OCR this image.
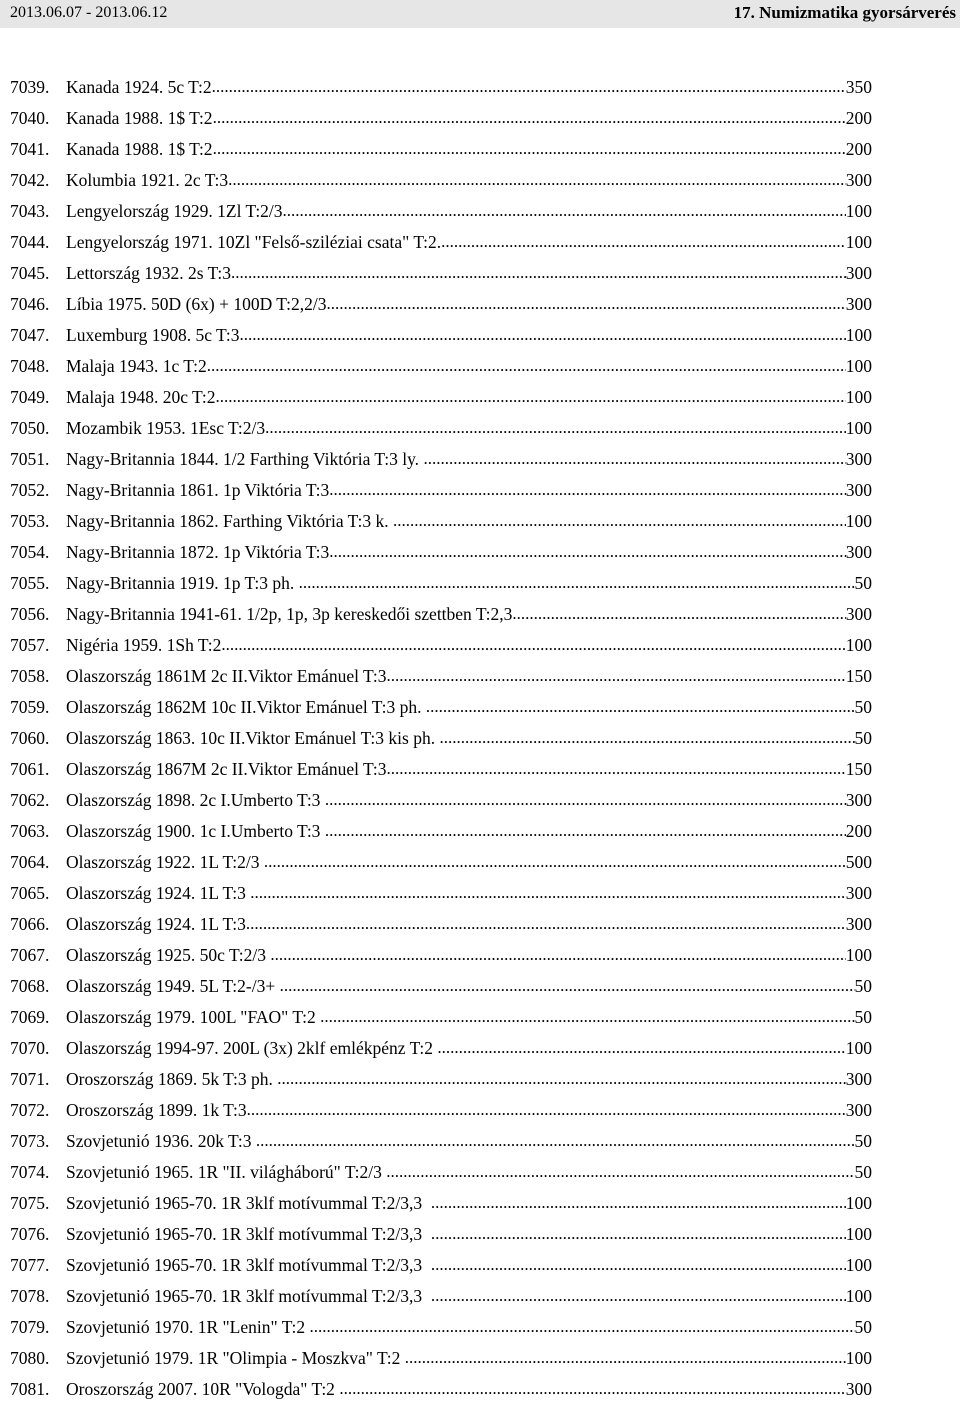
2013.06.07 - 2013.06.12	17. Numizmatika gyorsárverés
7039. Kanada 1924. 5c T:2 .....	350
7040. Kanada 1988. 1$ T:2 .....	200
7041. Kanada 1988. 1$ T:2 .....	200
7042. Kolumbia 1921. 2c T:3 .....	300
7043. Lengyelország 1929. 1Zl T:2/3 .....	100
7044. Lengyelország 1971. 10Zl "Felső-sziléziai csata" T:2. .....	100
7045. Lettország 1932. 2s T:3 .....	300
7046. Líbia 1975. 50D (6x) + 100D T:2,2/3 .....	300
7047. Luxemburg 1908. 5c T:3 .....	100
7048. Malaja 1943. 1c T:2 .....	100
7049. Malaja 1948. 20c T:2 .....	100
7050. Mozambik 1953. 1Esc T:2/3 .....	100
7051. Nagy-Britannia 1844. 1/2 Farthing Viktória T:3 ly. .....	300
7052. Nagy-Britannia 1861. 1p Viktória T:3 .....	300
7053. Nagy-Britannia 1862. Farthing Viktória T:3 k. .....	100
7054. Nagy-Britannia 1872. 1p Viktória T:3 .....	300
7055. Nagy-Britannia 1919. 1p T:3 ph. .....	50
7056. Nagy-Britannia 1941-61. 1/2p, 1p, 3p kereskedői szettben T:2,3 .....	300
7057. Nigéria 1959. 1Sh T:2 .....	100
7058. Olaszország 1861M 2c II.Viktor Emánuel T:3 .....	150
7059. Olaszország 1862M 10c II.Viktor Emánuel T:3 ph. .....	50
7060. Olaszország 1863. 10c II.Viktor Emánuel T:3 kis ph. .....	50
7061. Olaszország 1867M 2c II.Viktor Emánuel T:3 .....	150
7062. Olaszország 1898. 2c I.Umberto T:3 .....	300
7063. Olaszország 1900. 1c I.Umberto T:3 .....	200
7064. Olaszország 1922. 1L T:2/3 .....	500
7065. Olaszország 1924. 1L T:3 .....	300
7066. Olaszország 1924. 1L T:3 .....	300
7067. Olaszország 1925. 50c T:2/3 .....	100
7068. Olaszország 1949. 5L T:2-/3+ .....	50
7069. Olaszország 1979. 100L "FAO" T:2 .....	50
7070. Olaszország 1994-97. 200L (3x) 2klf emlékpénz T:2 .....	100
7071. Oroszország 1869. 5k T:3 ph. .....	300
7072. Oroszország 1899. 1k T:3 .....	300
7073. Szovjetunió 1936. 20k T:3 .....	50
7074. Szovjetunió 1965. 1R "II. világháború" T:2/3 .....	50
7075. Szovjetunió 1965-70. 1R 3klf motívummal T:2/3,3 .....	100
7076. Szovjetunió 1965-70. 1R 3klf motívummal T:2/3,3 .....	100
7077. Szovjetunió 1965-70. 1R 3klf motívummal T:2/3,3 .....	100
7078. Szovjetunió 1965-70. 1R 3klf motívummal T:2/3,3 .....	100
7079. Szovjetunió 1970. 1R "Lenin" T:2 .....	50
7080. Szovjetunió 1979. 1R "Olimpia - Moszkva" T:2 .....	100
7081. Oroszország 2007. 10R "Vologda" T:2 .....	300
